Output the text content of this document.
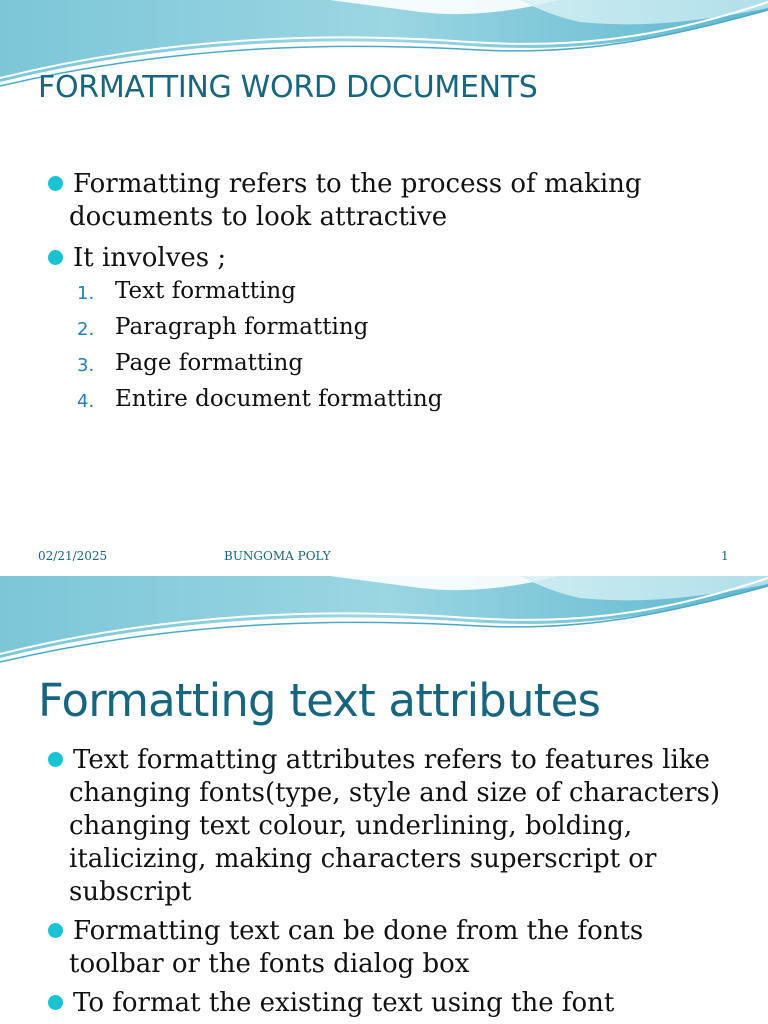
FORMATTING WORD DOCUMENTS
Formatting refers to the process of making documents to look attractive
It involves ;
1. Text formatting
2. Paragraph formatting
3. Page formatting
4. Entire document formatting
02/21/2025	BUNGOMA POLY	1
Formatting text attributes
Text formatting attributes refers to features like changing fonts(type, style and size of characters) changing text colour, underlining, bolding, italicizing, making characters superscript or subscript
Formatting text can be done from the fonts toolbar or the fonts dialog box
To format the existing text using the font
